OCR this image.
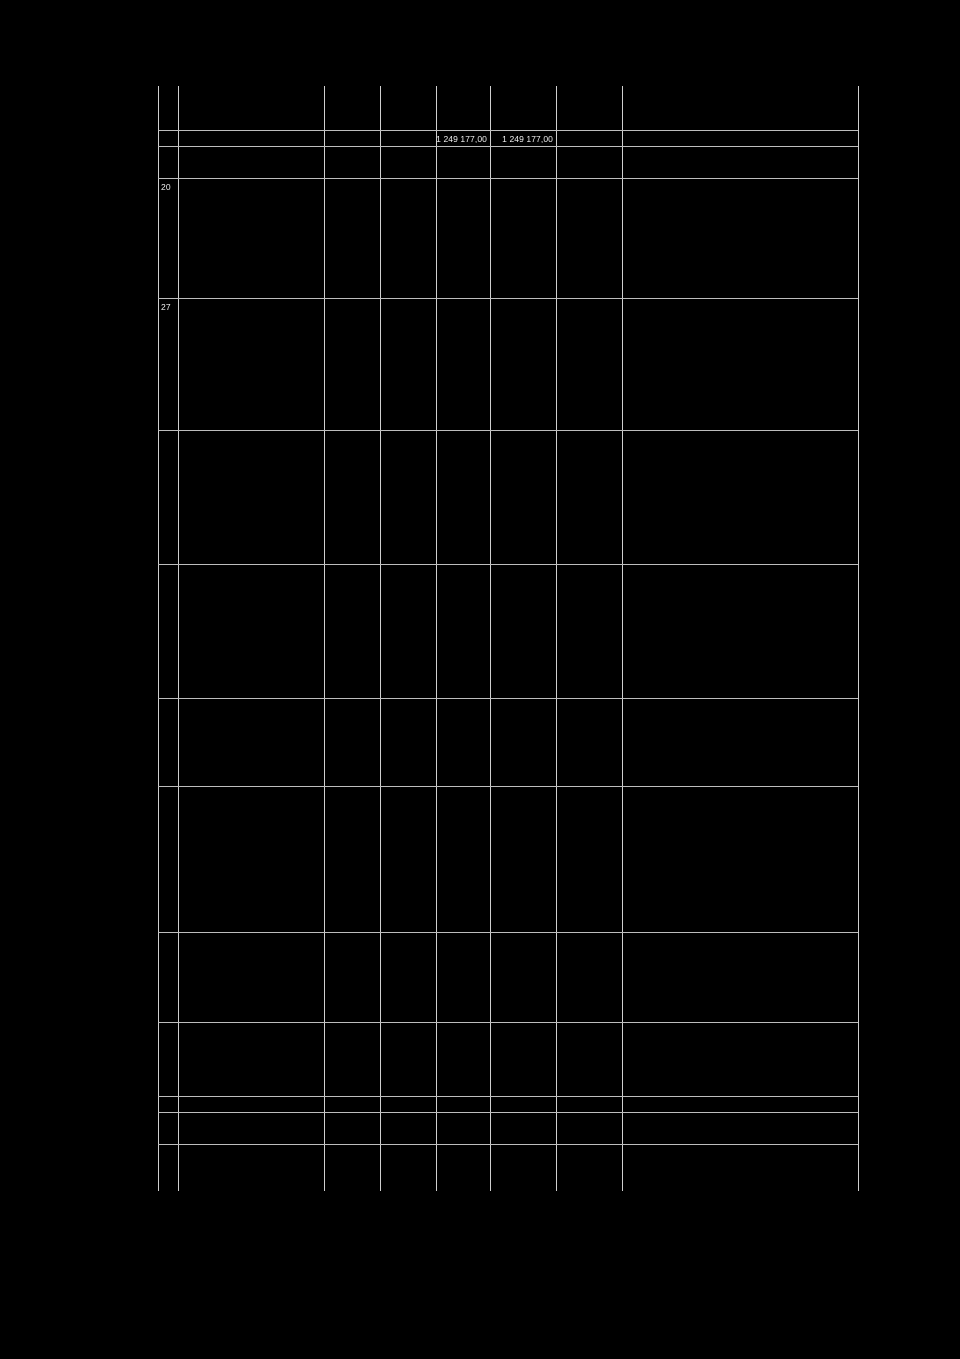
1 249 177,00 1 249 177,00
20
27
